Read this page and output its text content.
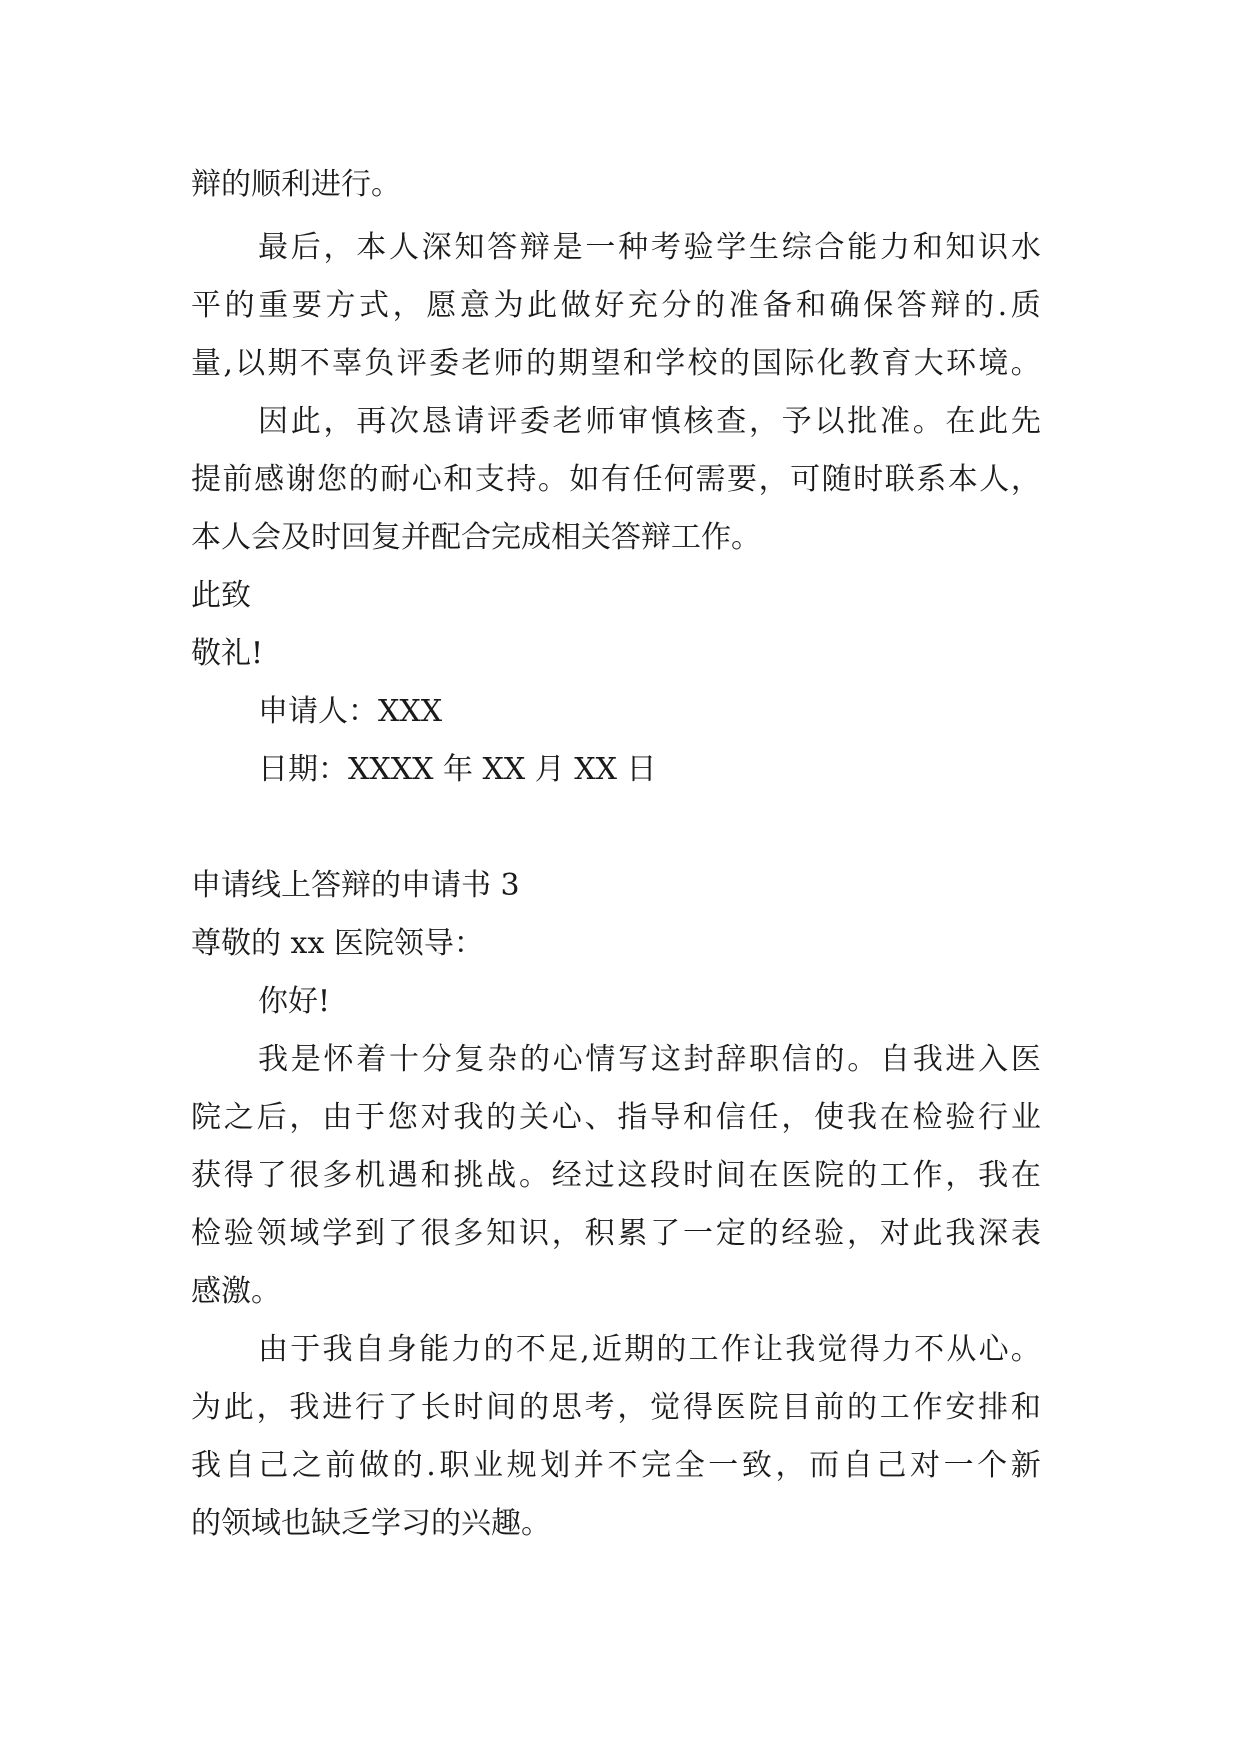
辩的顺利进行。
最 后 ， 本 人 深 知 答 辩 是 一 种 考 验 学 生 综 合 能 力 和 知 识 水
平 的 重 要 方 式 ， 愿 意 为 此 做 好 充 分 的 准 备 和 确 保 答 辩 的 . 质
量 , 以 期 不 辜 负 评 委 老 师 的 期 望 和 学 校 的 国 际 化 教 育 大 环 境 。
因 此 ， 再 次 恳 请 评 委 老 师 审 慎 核 查 ， 予 以 批 准 。 在 此 先
提 前 感 谢 您 的 耐 心 和 支 持 。 如 有 任 何 需 要 ， 可 随 时 联 系 本 人 ，
本人会及时回复并配合完成相关答辩工作。
此致
敬礼!
申请人：XXX
日期：XXXX 年 XX 月 XX 日
申请线上答辩的申请书 3
尊敬的 xx 医院领导：
你好!
我 是 怀 着 十 分 复 杂 的 心 情 写 这 封 辞 职 信 的 。 自 我 进 入 医
院 之 后 ， 由 于 您 对 我 的 关 心 、 指 导 和 信 任 ， 使 我 在 检 验 行 业
获 得 了 很 多 机 遇 和 挑 战 。 经 过 这 段 时 间 在 医 院 的 工 作 ， 我 在
检 验 领 域 学 到 了 很 多 知 识 ， 积 累 了 一 定 的 经 验 ， 对 此 我 深 表
感激。
由 于 我 自 身 能 力 的 不 足 , 近 期 的 工 作 让 我 觉 得 力 不 从 心 。
为 此 ， 我 进 行 了 长 时 间 的 思 考 ， 觉 得 医 院 目 前 的 工 作 安 排 和
我 自 己 之 前 做 的 . 职 业 规 划 并 不 完 全 一 致 ， 而 自 己 对 一 个 新
的领域也缺乏学习的兴趣。
